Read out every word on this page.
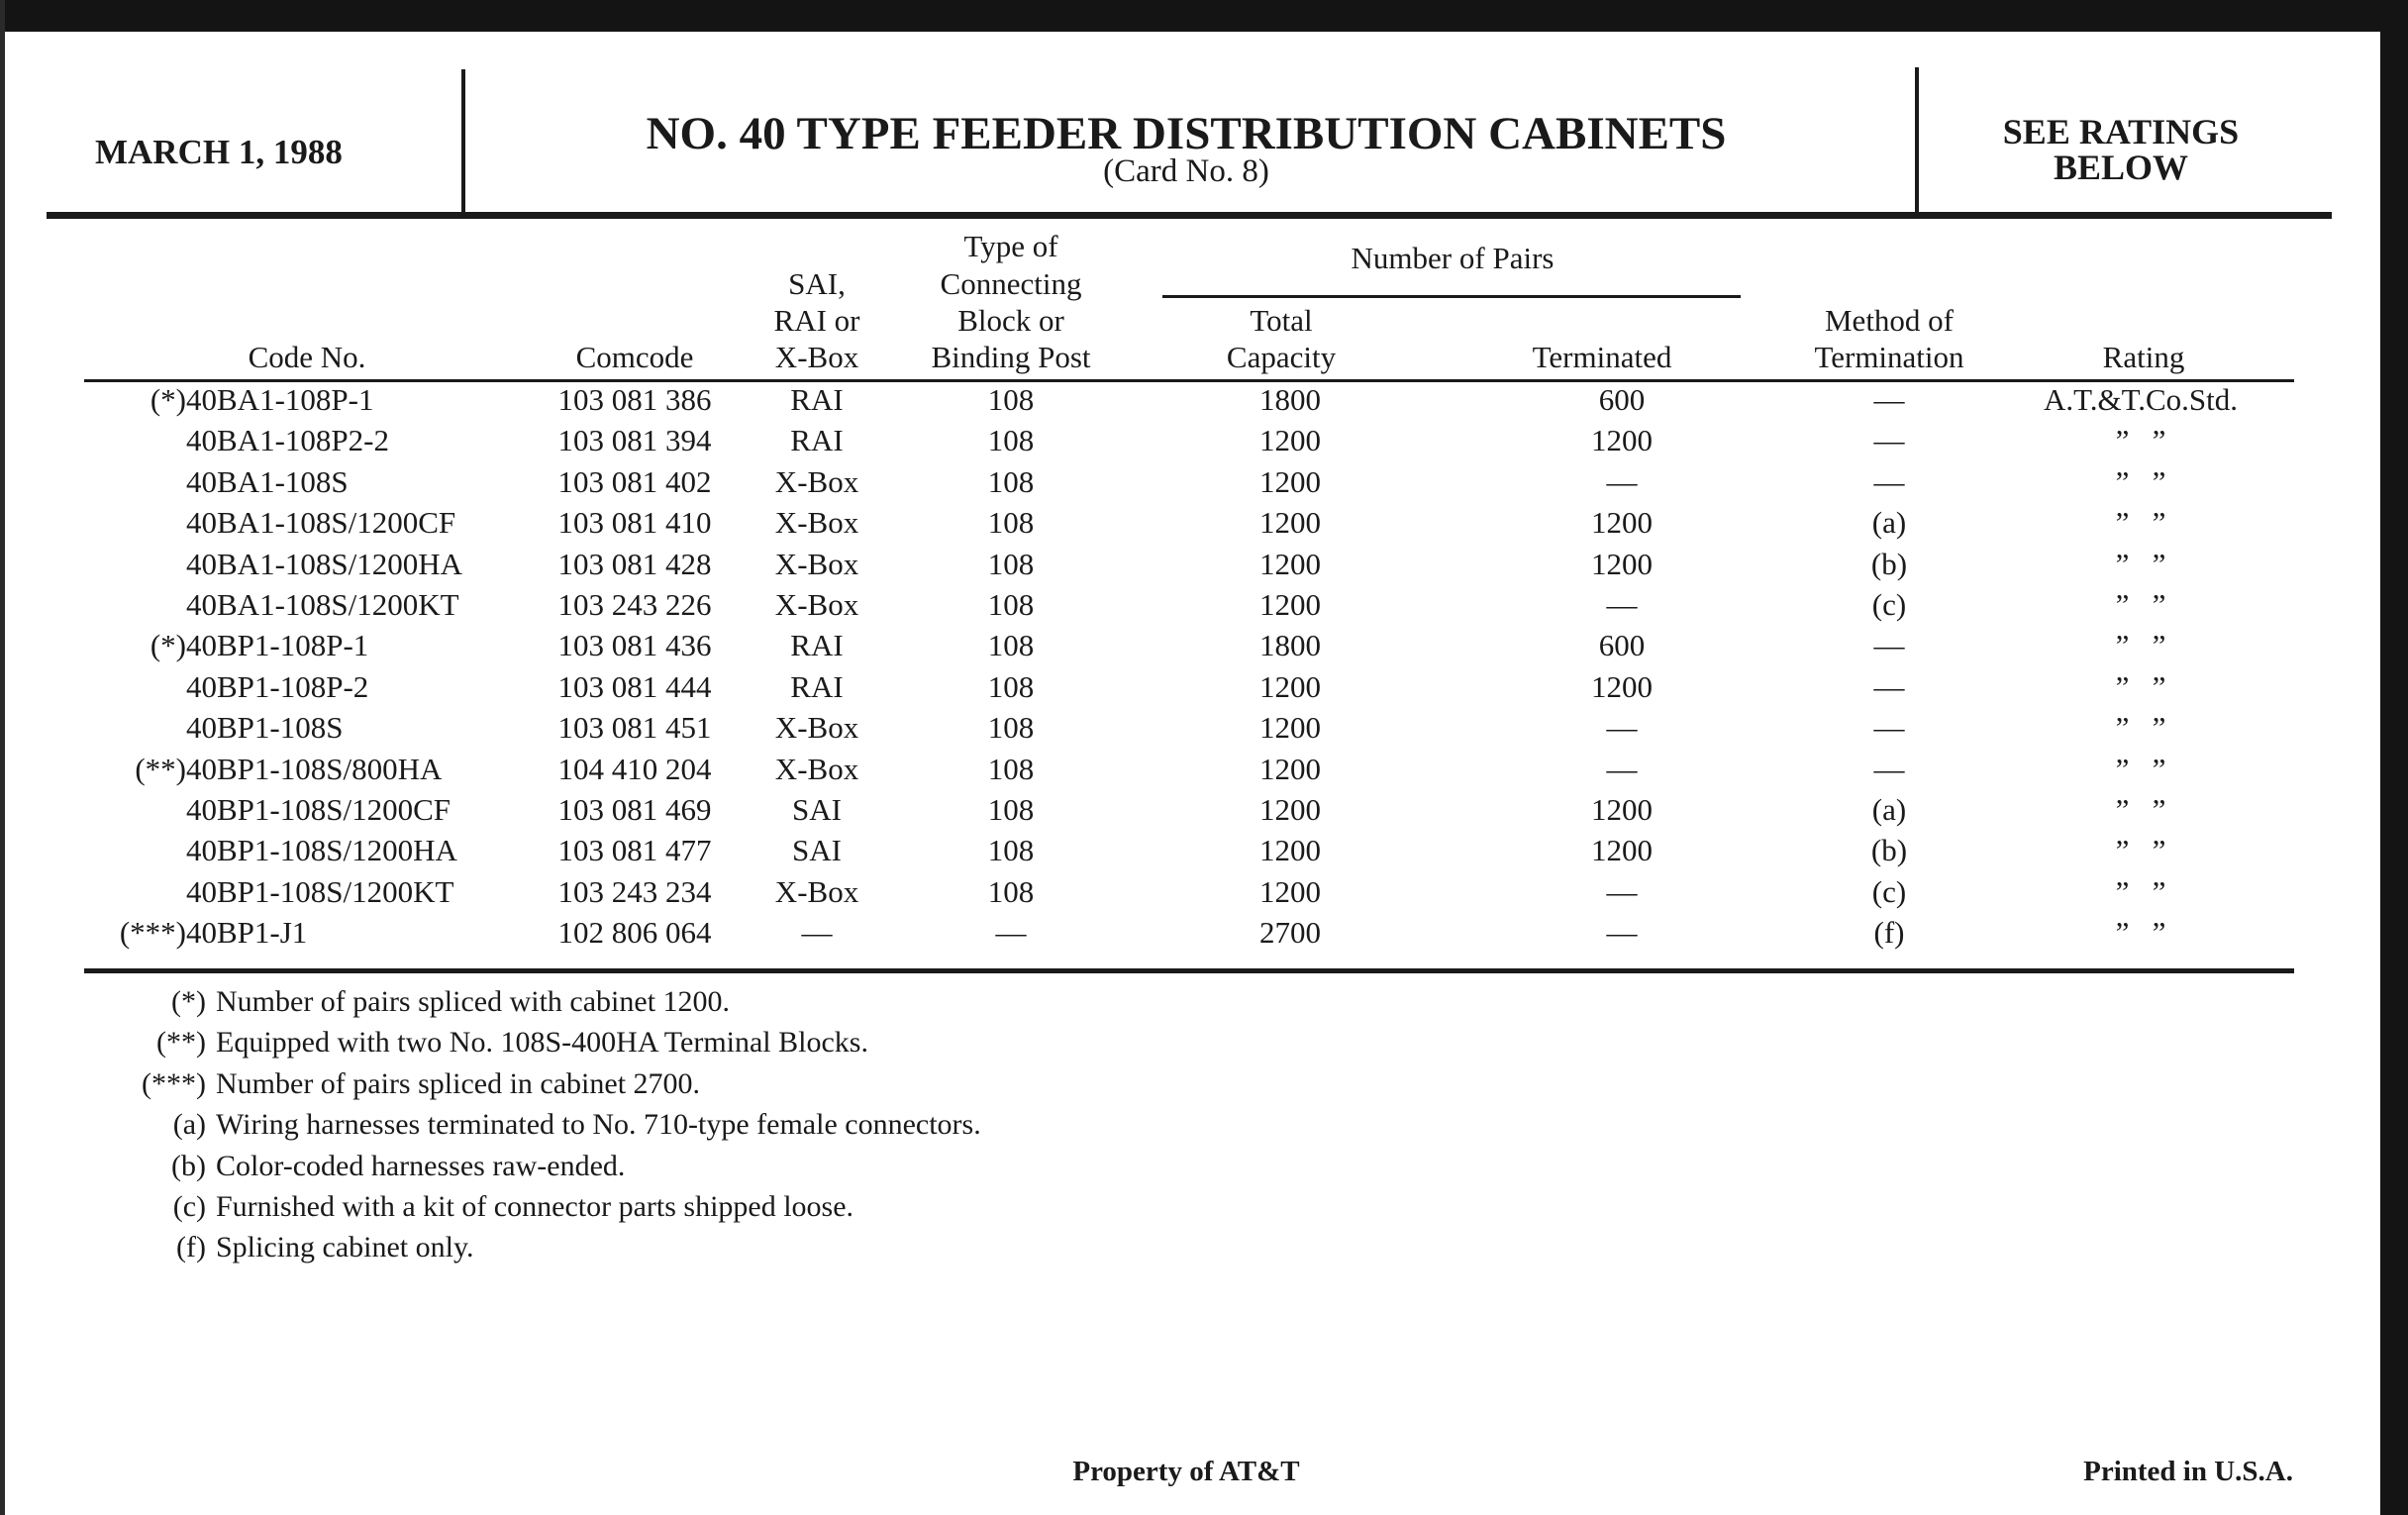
MARCH 1, 1988	NO. 40 TYPE FEEDER DISTRIBUTION CABINETS
(Card No. 8)
SEE RATINGS
BELOW
Code No.	Comcode
SAI,
RAI or
X-Box
Type of
Connecting
Block or
Binding Post
Number of Pairs
Total
Capacity	Terminated
Method of
Termination	Rating
(*) 40BA1-108P-1	103 081 386	RAI	108	1800	600	—	A.T.&T.Co.Std.
40BA1-108P2-2	103 081 394	RAI	108	1200	1200	—	”   ”
40BA1-108S	103 081 402 X-Box	108	1200	—	—	”   ”
40BA1-108S/1200CF	103 081 410 X-Box	108	1200	1200	(a)	”   ”
40BA1-108S/1200HA	103 081 428 X-Box	108	1200	1200	(b)	”   ”
40BA1-108S/1200KT	103 243 226 X-Box	108	1200	—	(c)	”   ”
(*) 40BP1-108P-1	103 081 436	RAI	108	1800	600	—	”   ”
40BP1-108P-2	103 081 444	RAI	108	1200	1200	—	”   ”
40BP1-108S	103 081 451 X-Box	108	1200	—	—	”   ”
(**) 40BP1-108S/800HA	104 410 204 X-Box	108	1200	—	—	”   ”
40BP1-108S/1200CF	103 081 469	SAI	108	1200	1200	(a)	”   ”
40BP1-108S/1200HA	103 081 477	SAI	108	1200	1200	(b)	”   ”
40BP1-108S/1200KT	103 243 234 X-Box	108	1200	—	(c)	”   ”
(***) 40BP1-J1	102 806 064	—	—	2700	—	(f)	”   ”
(*) Number of pairs spliced with cabinet 1200.
(**) Equipped with two No. 108S-400HA Terminal Blocks.
(***) Number of pairs spliced in cabinet 2700.
(a) Wiring harnesses terminated to No. 710-type female connectors.
(b) Color-coded harnesses raw-ended.
(c) Furnished with a kit of connector parts shipped loose.
(f) Splicing cabinet only.
Property of AT&T	Printed in U.S.A.
